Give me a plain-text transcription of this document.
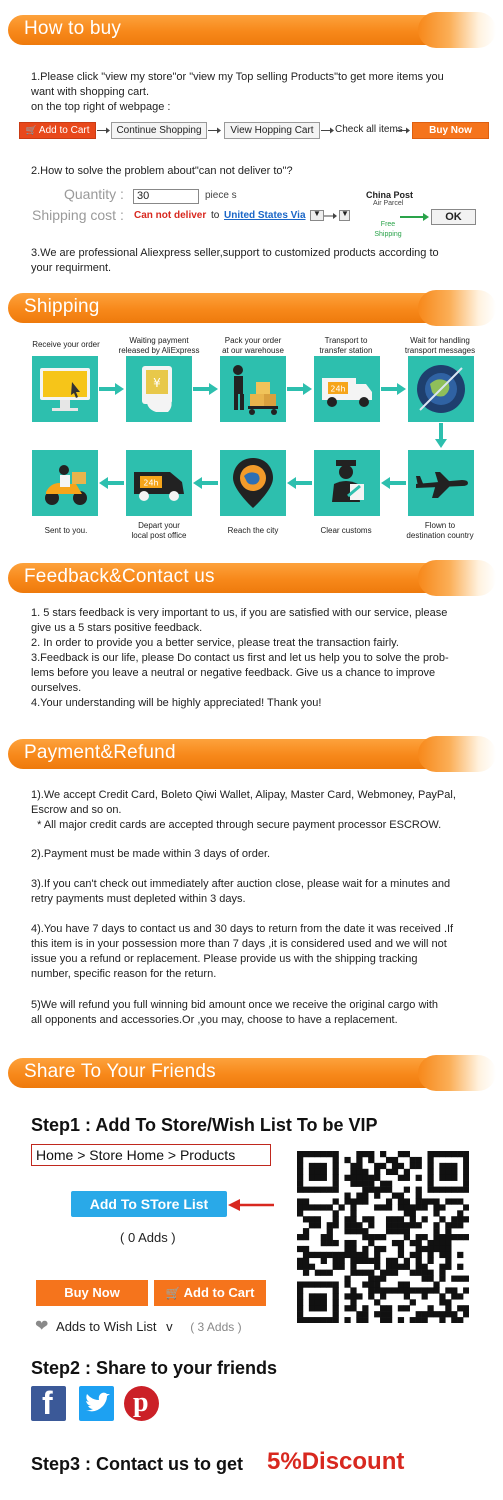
How to buy

1.Please click "view my store"or "view my Top selling Products"to get more items you

want with shopping cart.

on the top right of webpage :

🛒 Add to Cart	Continue Shopping	View Hopping Cart	Check all items	Buy Now
2.How to solve the problem about"can not deliver to"?
Quantity :	30	piece s
Shipping cost : Can not deliver to United States Via ▼	▼
China Post
Air Parcel
Free
Shipping
OK

3.We are professional Aliexpress seller,support to customized products according to

your requirment.

Shipping
Receive your order	Waiting payment
released by AliExpress
Pack your order
at our warehouse
Transport to
transfer station
Wait for handling
transport messages
¥	24h
24h
Sent to you.
Depart your
local post office
Reach the city	Clear customs
Flown to
destination country
Feedback&Contact us

1. 5 stars feedback is very important to us, if you are satisfied with our service, please

give us a 5 stars positive feedback.

2. In order to provide you a better service, please treat the transaction fairly.

3.Feedback is our life, please Do contact us first and let us help you to solve the prob-

lems before you leave a neutral or negative feedback. Give us a chance to improve

ourselves.

4.Your understanding will be highly appreciated! Thank you!

Payment&Refund

1).We accept Credit Card, Boleto Qiwi Wallet, Alipay, Master Card, Webmoney, PayPal,

Escrow and so on.

* All major credit cards are accepted through secure payment processor ESCROW.

2).Payment must be made within 3 days of order.

3).If you can't check out immediately after auction close, please wait for a minutes and

retry payments must depleted within 3 days.

4).You have 7 days to contact us and 30 days to return from the date it was received .If

this item is in your possession more than 7 days ,it is considered used and we will not

issue you a refund or replacement. Please provide us with the shipping tracking

number, specific reason for the return.

5)We will refund you full winning bid amount once we receive the original cargo with

all opponents and accessories.Or ,you may, choose to have a replacement.

Share To Your Friends
Step1 : Add To Store/Wish List To be VIP
Home > Store Home > Products
Add To STore List
( 0 Adds )
Buy Now	🛒 Add to Cart
❤ Adds to Wish List v ( 3 Adds )
Step2 : Share to your friends
f	p
Step3 : Contact us to get 5%Discount
